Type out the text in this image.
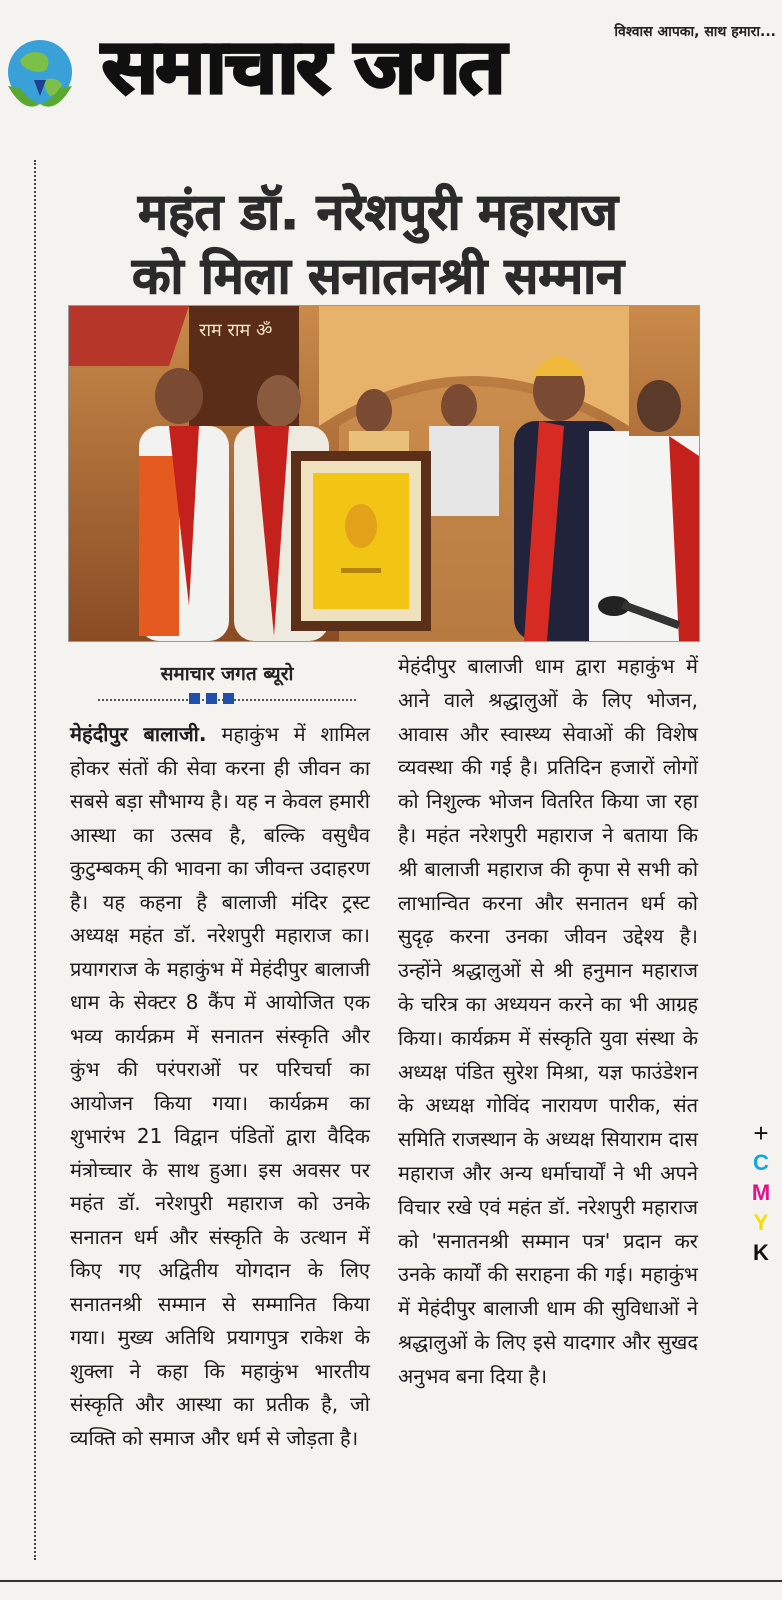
समाचार जगत	विश्वास आपका, साथ हमारा...
महंत डॉ. नरेशपुरी महाराज
को मिला सनातनश्री सम्मान
राम राम ॐ
समाचार जगत ब्यूरो
मेहंदीपुर बालाजी. महाकुंभ में शामिल होकर संतों की सेवा करना ही जीवन का सबसे बड़ा सौभाग्य है। यह न केवल हमारी आस्था का उत्सव है, बल्कि वसुधैव कुटुम्बकम् की भावना का जीवन्त उदाहरण है। यह कहना है बालाजी मंदिर ट्रस्ट अध्यक्ष महंत डॉ. नरेशपुरी महाराज का। प्रयागराज के महाकुंभ में मेहंदीपुर बालाजी धाम के सेक्टर 8 कैंप में आयोजित एक भव्य कार्यक्रम में सनातन संस्कृति और कुंभ की परंपराओं पर परिचर्चा का आयोजन किया गया। कार्यक्रम का शुभारंभ 21 विद्वान पंडितों द्वारा वैदिक मंत्रोच्चार के साथ हुआ। इस अवसर पर महंत डॉ. नरेशपुरी महाराज को उनके सनातन धर्म और संस्कृति के उत्थान में किए गए अद्वितीय योगदान के लिए सनातनश्री सम्मान से सम्मानित किया गया। मुख्य अतिथि प्रयागपुत्र राकेश के शुक्ला ने कहा कि महाकुंभ भारतीय संस्कृति और आस्था का प्रतीक है, जो व्यक्ति को समाज और धर्म से जोड़ता है।
मेहंदीपुर बालाजी धाम द्वारा महाकुंभ में आने वाले श्रद्धालुओं के लिए भोजन, आवास और स्वास्थ्य सेवाओं की विशेष व्यवस्था की गई है। प्रतिदिन हजारों लोगों को निशुल्क भोजन वितरित किया जा रहा है। महंत नरेशपुरी महाराज ने बताया कि श्री बालाजी महाराज की कृपा से सभी को लाभान्वित करना और सनातन धर्म को सुदृढ़ करना उनका जीवन उद्देश्य है। उन्होंने श्रद्धालुओं से श्री हनुमान महाराज के चरित्र का अध्ययन करने का भी आग्रह किया। कार्यक्रम में संस्कृति युवा संस्था के अध्यक्ष पंडित सुरेश मिश्रा, यज्ञ फाउंडेशन के अध्यक्ष गोविंद नारायण पारीक, संत समिति राजस्थान के अध्यक्ष सियाराम दास महाराज और अन्य धर्माचार्यों ने भी अपने विचार रखे एवं महंत डॉ. नरेशपुरी महाराज को 'सनातनश्री सम्मान पत्र' प्रदान कर उनके कार्यों की सराहना की गई। महाकुंभ में मेहंदीपुर बालाजी धाम की सुविधाओं ने श्रद्धालुओं के लिए इसे यादगार और सुखद अनुभव बना दिया है।
+
C
M
Y
K
